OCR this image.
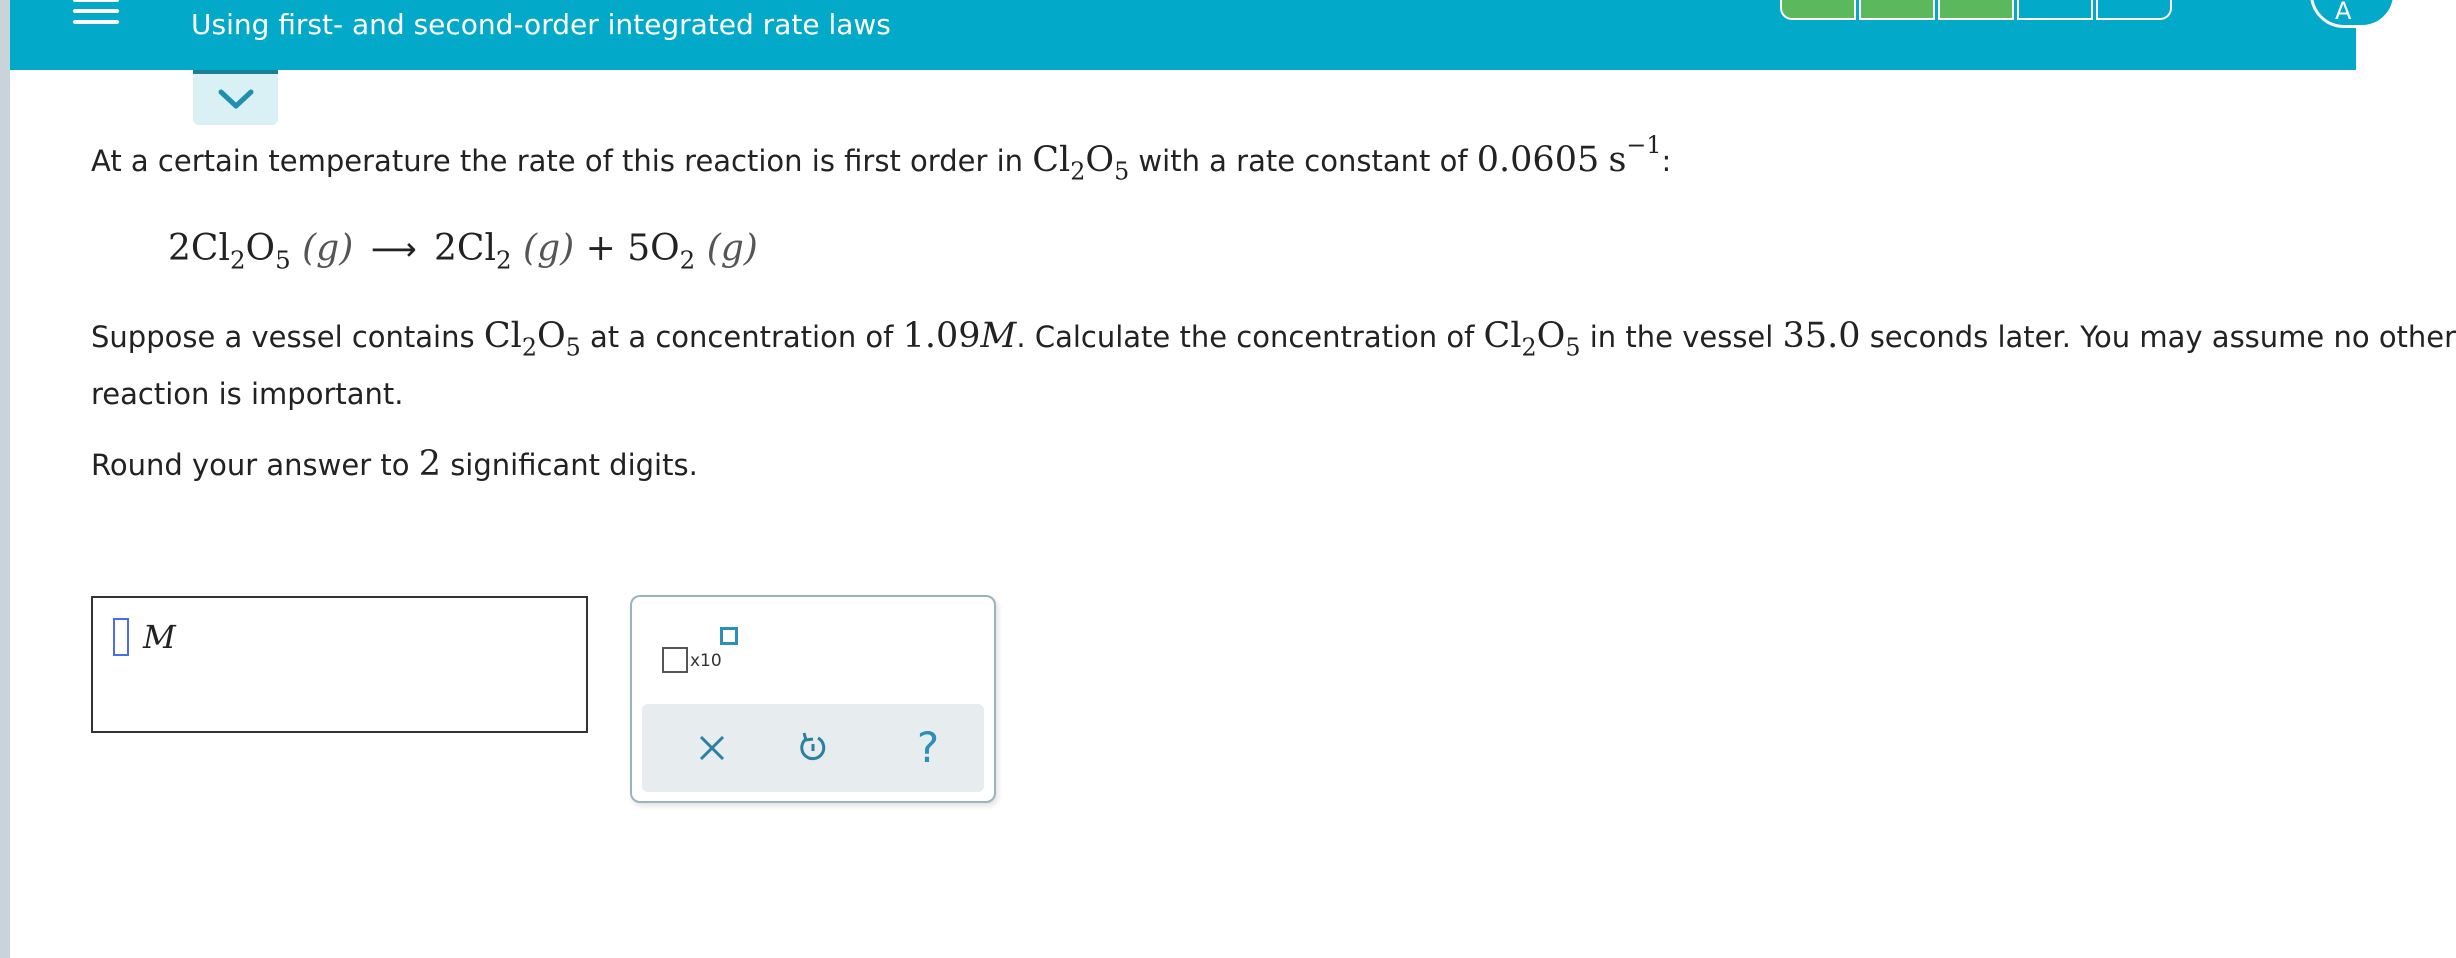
Using first- and second-order integrated rate laws	A
At a certain temperature the rate of this reaction is first order in $Cl_2O_5$ with a rate constant of 0.0605 $s^{-1}$:
$2Cl_2O_5$ (g) ⟶ $2Cl_2$ $(g) + 5O_2$ (g)
Suppose a vessel contains $Cl_2O_5$ at a concentration of 1.09M. Calculate the concentration of $Cl_2O_5$ in the vessel 35.0 seconds later. You may assume no other
reaction is important.
Round your answer to 2 significant digits.
M
x10
?
